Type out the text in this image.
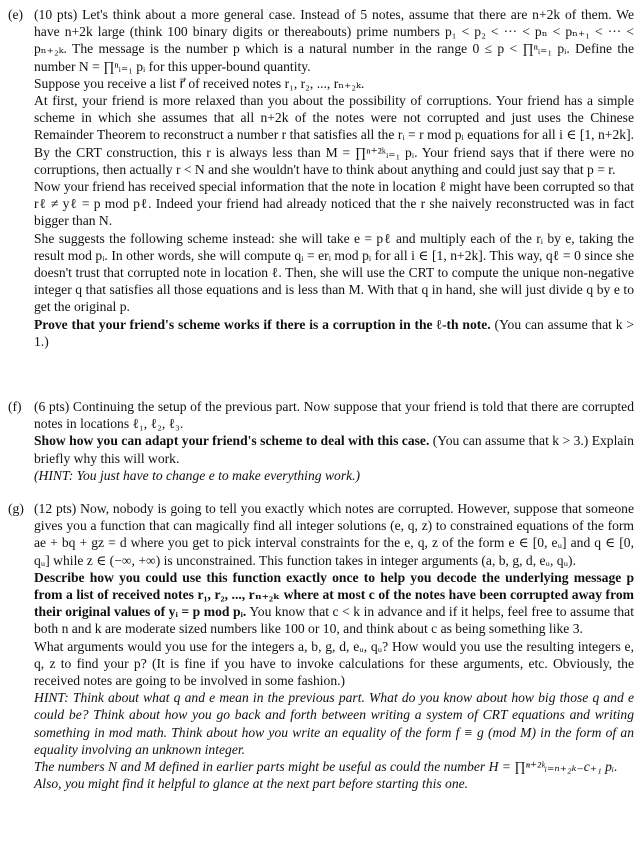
(e) (10 pts) Let's think about a more general case. Instead of 5 notes, assume that there are n+2k of them. We have n+2k large (think 100 binary digits or thereabouts) prime numbers p₁ < p₂ < ··· < pₙ < pₙ₊₁ < ··· < pₙ₊₂ₖ. The message is the number p which is a natural number in the range 0 ≤ p < ∏ⁿᵢ₌₁ pᵢ. Define the number N = ∏ⁿᵢ₌₁ pᵢ for this upper-bound quantity.

Suppose you receive a list r⃗ of received notes r₁, r₂, ..., rₙ₊₂ₖ.

At first, your friend is more relaxed than you about the possibility of corruptions. Your friend has a simple scheme in which she assumes that all n+2k of the notes were not corrupted and just uses the Chinese Remainder Theorem to reconstruct a number r that satisfies all the rᵢ = r mod pᵢ equations for all i ∈ [1, n+2k]. By the CRT construction, this r is always less than M = ∏ⁿ⁺²ᵏᵢ₌₁ pᵢ. Your friend says that if there were no corruptions, then actually r < N and she wouldn't have to think about anything and could just say that p = r.

Now your friend has received special information that the note in location ℓ might have been corrupted so that rℓ ≠ yℓ = p mod pℓ. Indeed your friend had already noticed that the r she naively reconstructed was in fact bigger than N.

She suggests the following scheme instead: she will take e = pℓ and multiply each of the rᵢ by e, taking the result mod pᵢ. In other words, she will compute qᵢ = erᵢ mod pᵢ for all i ∈ [1, n+2k]. This way, qℓ = 0 since she doesn't trust that corrupted note in location ℓ. Then, she will use the CRT to compute the unique non-negative integer q that satisfies all those equations and is less than M. With that q in hand, she will just divide q by e to get the original p.

Prove that your friend's scheme works if there is a corruption in the ℓ-th note. (You can assume that k > 1.)

(f) (6 pts) Continuing the setup of the previous part. Now suppose that your friend is told that there are corrupted notes in locations ℓ₁, ℓ₂, ℓ₃.

Show how you can adapt your friend's scheme to deal with this case. (You can assume that k > 3.) Explain briefly why this will work.

(HINT: You just have to change e to make everything work.)

(g) (12 pts) Now, nobody is going to tell you exactly which notes are corrupted. However, suppose that someone gives you a function that can magically find all integer solutions (e, q, z) to constrained equations of the form ae + bq + gz = d where you get to pick interval constraints for the e, q, z of the form e ∈ [0, eᵤ] and q ∈ [0, qᵤ] while z ∈ (−∞, +∞) is unconstrained. This function takes in integer arguments (a, b, g, d, eᵤ, qᵤ).

Describe how you could use this function exactly once to help you decode the underlying message p from a list of received notes r₁, r₂, ..., rₙ₊₂ₖ where at most c of the notes have been corrupted away from their original values of yᵢ = p mod pᵢ. You know that c < k in advance and if it helps, feel free to assume that both n and k are moderate sized numbers like 100 or 10, and think about c as being something like 3.

What arguments would you use for the integers a, b, g, d, eᵤ, qᵤ? How would you use the resulting integers e, q, z to find your p? (It is fine if you have to invoke calculations for these arguments, etc. Obviously, the received notes are going to be involved in some fashion.)

HINT: Think about what q and e mean in the previous part. What do you know about how big those q and e could be? Think about how you go back and forth between writing a system of CRT equations and writing something in mod math. Think about how you write an equality of the form f ≡ g (mod M) in the form of an equality involving an unknown integer.

The numbers N and M defined in earlier parts might be useful as could the number H = ∏ⁿ⁺²ᵏᵢ₌ₙ₊₂ₖ₋c₊₁ pᵢ.

Also, you might find it helpful to glance at the next part before starting this one.
